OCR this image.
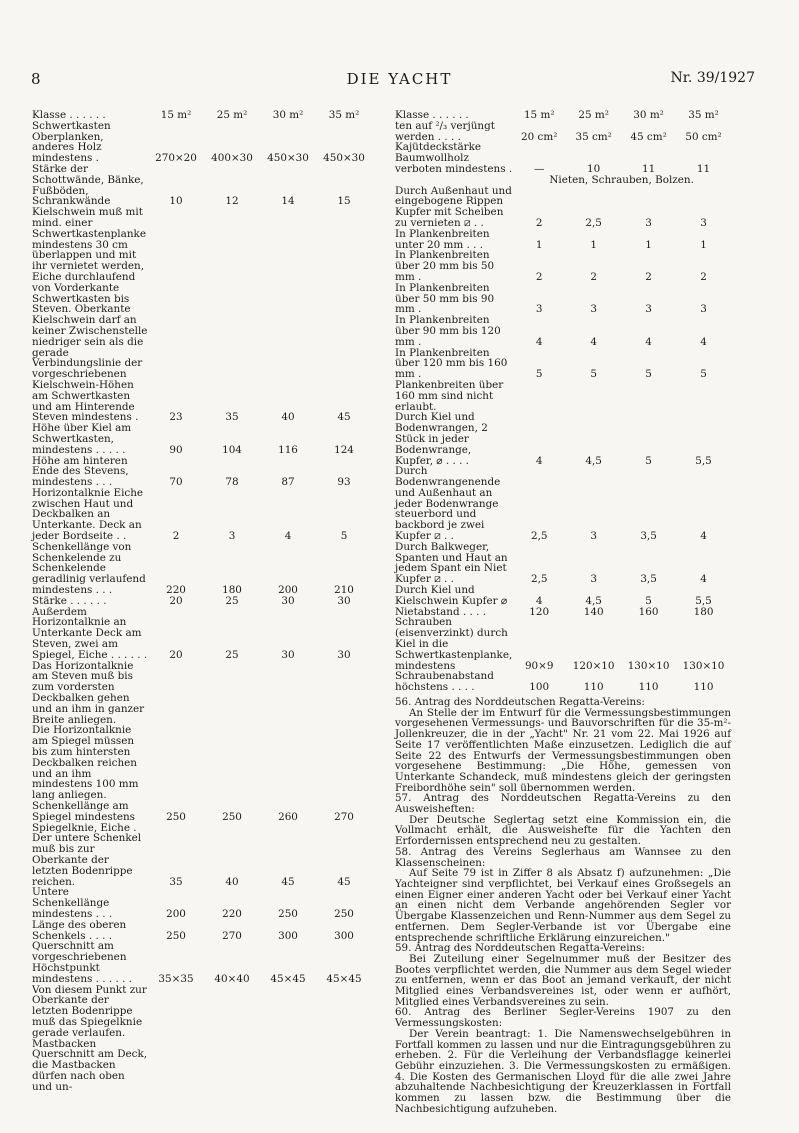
8	DIE YACHT	Nr. 39/1927
Klasse . . . . . .	15 m²	25 m²	30 m²	35 m²
Schwertkasten Oberplanken, anderes Holz mindestens .	270×20	400×30	450×30	450×30
Stärke der Schottwände, Bänke, Fußböden, Schrankwände	10	12	14	15
Kielschwein muß mit mind. einer Schwertkastenplanke mindestens 30 cm überlappen und mit ihr vernietet werden, Eiche durchlaufend von Vorderkante Schwertkasten bis Steven. Oberkante Kielschwein darf an keiner Zwischenstelle niedriger sein als die gerade Verbindungslinie der vorgeschriebenen Kielschwein-Höhen am Schwertkasten und am Hinterende Steven mindestens .	23	35	40	45
Höhe über Kiel am Schwertkasten, mindestens . . . . .	90	104	116	124
Höhe am hinteren Ende des Stevens, mindestens . . .	70	78	87	93
Horizontalknie Eiche zwischen Haut und Deckbalken an Unterkante. Deck an jeder Bordseite . .	2	3	4	5
Schenkellänge von Schenkelende zu Schenkelende geradlinig verlaufend mindestens . . .	220	180	200	210
Stärke . . . . . .	20	25	30	30
Außerdem Horizontalknie an Unterkante Deck am Steven, zwei am Spiegel, Eiche . . . . . .	20	25	30	30
Das Horizontalknie am Steven muß bis zum vordersten Deckbalken gehen und an ihm in ganzer Breite anliegen.				
Die Horizontalknie am Spiegel müssen bis zum hintersten Deckbalken reichen und an ihm mindestens 100 mm lang anliegen.				
Schenkellänge am Spiegel mindestens	250	250	260	270
Spiegelknie, Eiche . Der untere Schenkel muß bis zur Oberkante der letzten Bodenrippe reichen.	35	40	45	45
Untere Schenkellänge mindestens . . .	200	220	250	250
Länge des oberen Schenkels . . . .	250	270	300	300
Querschnitt am vorgeschriebenen Höchstpunkt mindestens . . . . . .	35×35	40×40	45×45	45×45
Von diesem Punkt zur Oberkante der letzten Bodenrippe muß das Spiegelknie gerade verlaufen.				
Mastbacken Querschnitt am Deck, die Mastbacken dürfen nach oben und un-				
Klasse . . . . . .	15 m²	25 m²	30 m²	35 m²
ten auf ²/₃ verjüngt werden . . . .	20 cm²	35 cm²	45 cm²	50 cm²
Kajütdeckstärke Baumwollholz verboten mindestens .	—	10	11	11
	Nieten, Schrauben, Bolzen.			
Durch Außenhaut und eingebogene Rippen Kupfer mit Scheiben zu vernieten ⧄ . .	2	2,5	3	3
In Plankenbreiten unter 20 mm . . .	1	1	1	1
In Plankenbreiten über 20 mm bis 50 mm .	2	2	2	2
In Plankenbreiten über 50 mm bis 90 mm .	3	3	3	3
In Plankenbreiten über 90 mm bis 120 mm .	4	4	4	4
In Plankenbreiten über 120 mm bis 160 mm .	5	5	5	5
Plankenbreiten über 160 mm sind nicht erlaubt.				
Durch Kiel und Bodenwrangen, 2 Stück in jeder Bodenwrange, Kupfer, ⌀ . . . .	4	4,5	5	5,5
Durch Bodenwrangenende und Außenhaut an jeder Bodenwrange steuerbord und backbord je zwei Kupfer ⧄ . .	2,5	3	3,5	4
Durch Balkweger, Spanten und Haut an jedem Spant ein Niet Kupfer ⧄ . .	2,5	3	3,5	4
Durch Kiel und Kielschwein Kupfer ⌀	4	4,5	5	5,5
Nietabstand . . . .	120	140	160	180
Schrauben (eisenverzinkt) durch Kiel in die Schwertkastenplanke, mindestens	90×9	120×10	130×10	130×10
Schraubenabstand höchstens . . . .	100	110	110	110

56. Antrag des Norddeutschen Regatta-Vereins:
An Stelle der im Entwurf für die Vermessungsbestimmungen vorgesehenen Vermessungs- und Bauvorschriften für die 35-m²-Jollenkreuzer, die in der „Yacht" Nr. 21 vom 22. Mai 1926 auf Seite 17 veröffentlichten Maße einzusetzen. Lediglich die auf Seite 22 des Entwurfs der Vermessungsbestimmungen oben vorgesehene Bestimmung: „Die Höhe, gemessen von Unterkante Schandeck, muß mindestens gleich der geringsten Freibordhöhe sein" soll übernommen werden.

57. Antrag des Norddeutschen Regatta-Vereins zu den Ausweisheften:
Der Deutsche Seglertag setzt eine Kommission ein, die Vollmacht erhält, die Ausweishefte für die Yachten den Erfordernissen entsprechend neu zu gestalten.

58. Antrag des Vereins Seglerhaus am Wannsee zu den Klassenscheinen:
Auf Seite 79 ist in Ziffer 8 als Absatz f) aufzunehmen: „Die Yachteigner sind verpflichtet, bei Verkauf eines Großsegels an einen Eigner einer anderen Yacht oder bei Verkauf einer Yacht an einen nicht dem Verbande angehörenden Segler vor Übergabe Klassenzeichen und Renn-Nummer aus dem Segel zu entfernen. Dem Segler-Verbande ist vor Übergabe eine entsprechende schriftliche Erklärung einzureichen."

59. Antrag des Norddeutschen Regatta-Vereins:
Bei Zuteilung einer Segelnummer muß der Besitzer des Bootes verpflichtet werden, die Nummer aus dem Segel wieder zu entfernen, wenn er das Boot an jemand verkauft, der nicht Mitglied eines Verbandsvereines ist, oder wenn er aufhört, Mitglied eines Verbandsvereines zu sein.

60. Antrag des Berliner Segler-Vereins 1907 zu den Vermessungskosten:
Der Verein beantragt: 1. Die Namenswechselgebühren in Fortfall kommen zu lassen und nur die Eintragungsgebühren zu erheben. 2. Für die Verleihung der Verbandsflagge keinerlei Gebühr einzuziehen. 3. Die Vermessungskosten zu ermäßigen. 4. Die Kosten des Germanischen Lloyd für die alle zwei Jahre abzuhaltende Nachbesichtigung der Kreuzerklassen in Fortfall kommen zu lassen bzw. die Bestimmung über die Nachbesichtigung aufzuheben.
